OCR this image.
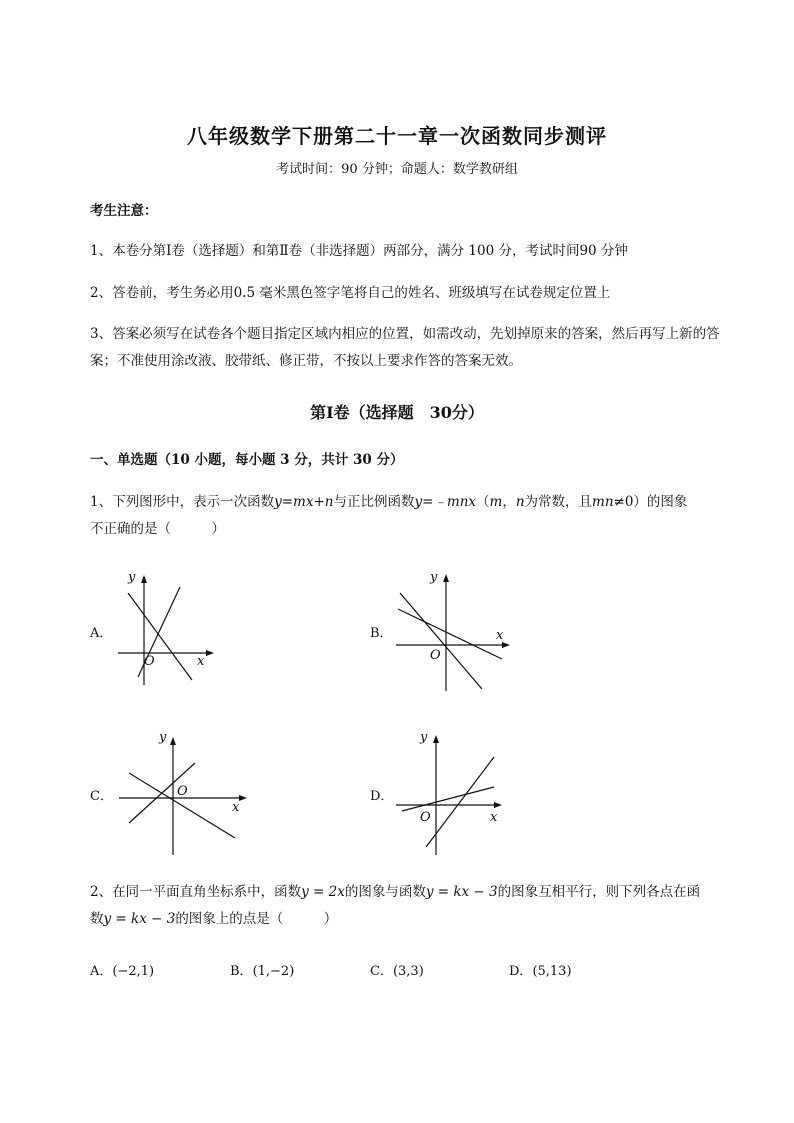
八年级数学下册第二十一章一次函数同步测评
考试时间：90 分钟；命题人：数学教研组
考生注意：
1、本卷分第Ⅰ卷（选择题）和第Ⅱ卷（非选择题）两部分，满分 100 分，考试时间90 分钟
2、答卷前，考生务必用0.5 毫米黑色签字笔将自己的姓名、班级填写在试卷规定位置上
3、答案必须写在试卷各个题目指定区域内相应的位置，如需改动，先划掉原来的答案，然后再写上新的答案；不准使用涂改液、胶带纸、修正带，不按以上要求作答的答案无效。
第Ⅰ卷（选择题　30分）
一、单选题（10 小题，每小题 3 分，共计 30 分）
1、下列图形中，表示一次函数y=mx+n与正比例函数y=﹣mnx（m，n为常数，且mn≠0）的图象
不正确的是（　　　）
A．
y
x
O
B．
y
x
O
C．
y
x
O	D．
y
x
O
2、在同一平面直角坐标系中，函数y = 2x的图象与函数y = kx − 3的图象互相平行，则下列各点在函
数y = kx − 3的图象上的点是（　　　）
A．(−2,1)	B．(1,−2)	C．(3,3)	D．(5,13)
